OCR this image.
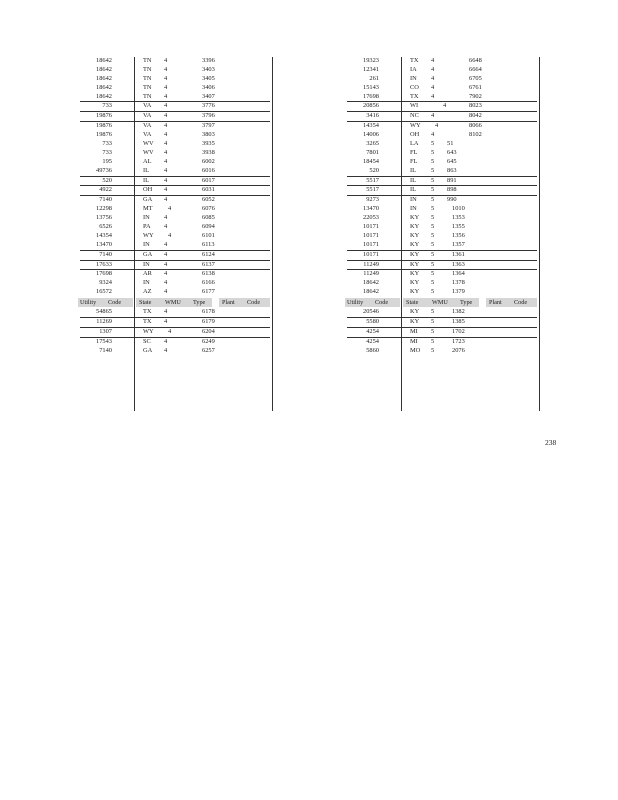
18642	TN 4	3396
18642	TN 4	3403
18642	TN 4	3405
18642	TN 4	3406
18642	TN 4	3407
733	VA 4	3776
19876	VA 4	3796
19876	VA 4	3797
19876	VA 4	3803
733	WV 4	3935
733	WV 4	3938
195	AL 4	6002
49736	IL 4	6016
520	IL 4	6017
4922	OH 4	6031
7140	GA 4	6052
12298	MT 4	6076
13756	IN 4	6085
6526	PA 4	6094
14354	WY 4	6101
13470	IN 4	6113
7140	GA 4	6124
17633	IN 4	6137
17698	AR 4	6138
9324	IN 4	6166
16572	AZ 4	6177
Utility Code	State WMU Type	Plant Code
54865	TX 4	6178
11269	TX 4	6179
1307	WY 4	6204
17543	SC 4	6249
7140	GA 4	6257
19323	TX 4	6648
12341	IA 4	6664
261	IN 4	6705
15143	CO 4	6761
17698	TX 4	7902
20856	WI	4	8023
3416	NC 4	8042
14354	WY 4	8066
14006	OH 4	8102
3265	LA 5 51
7801	FL 5 643
18454	FL 5 645
520	IL 5 863
5517	IL 5 891
5517	IL 5 898
9273	IN 5 990
13470	IN 5	1010
22053	KY 5	1353
10171	KY 5	1355
10171	KY 5	1356
10171	KY 5	1357
10171	KY 5	1361
11249	KY 5	1363
11249	KY 5	1364
18642	KY 5	1378
18642	KY 5	1379
Utility Code	State WMU Type	Plant Code
20546	KY 5	1382
5580	KY 5	1385
4254	MI 5	1702
4254	MI 5	1723
5860	MO 5	2076
238
